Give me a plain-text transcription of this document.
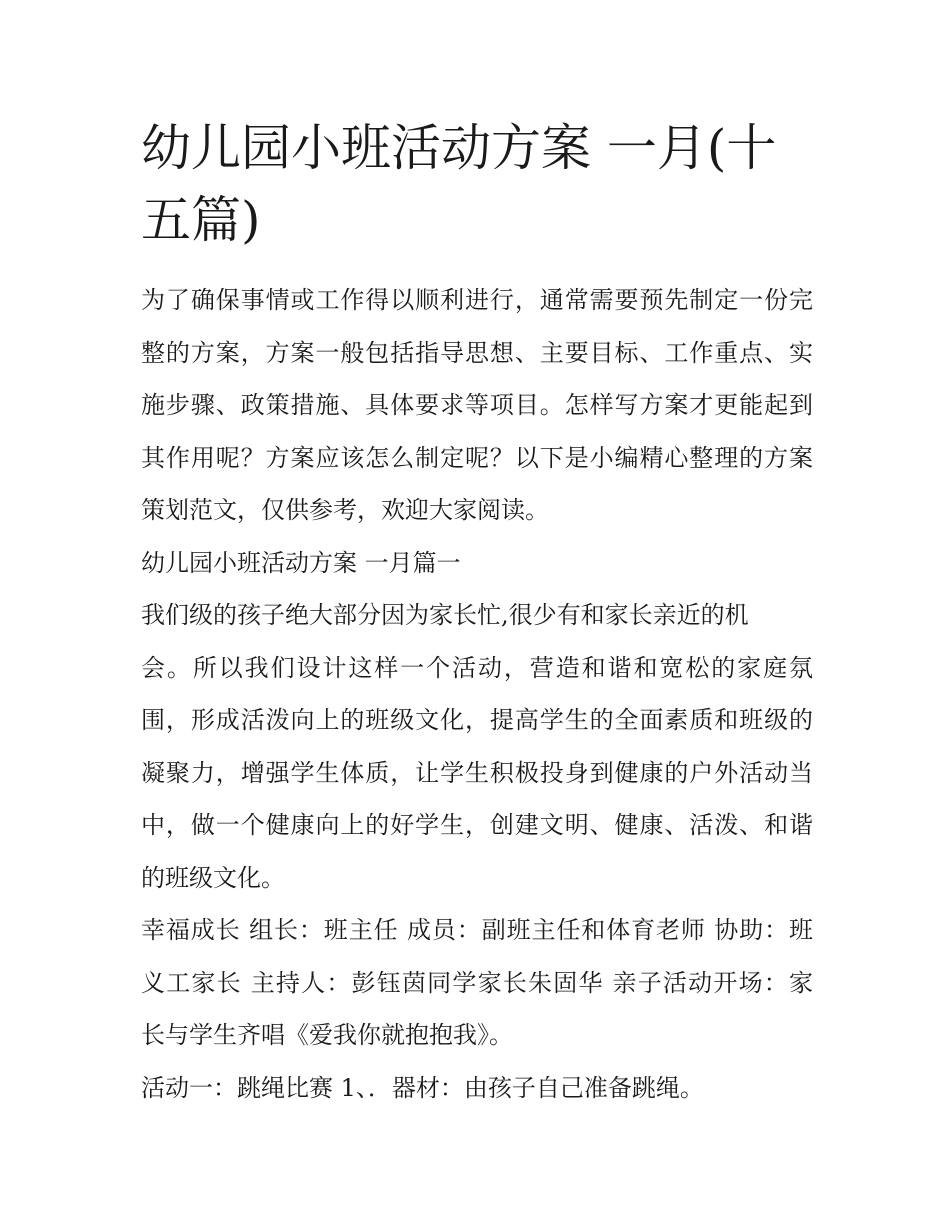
幼儿园小班活动方案 一月(十
五篇)

为了确保事情或工作得以顺利进行，通常需要预先制定一份完
整的方案，方案一般包括指导思想、主要目标、工作重点、实
施步骤、政策措施、具体要求等项目。怎样写方案才更能起到
其作用呢？方案应该怎么制定呢？以下是小编精心整理的方案
策划范文，仅供参考，欢迎大家阅读。

幼儿园小班活动方案 一月篇一

我们级的孩子绝大部分因为家长忙,很少有和家长亲近的机
会。所以我们设计这样一个活动，营造和谐和宽松的家庭氛
围，形成活泼向上的班级文化，提高学生的全面素质和班级的
凝聚力，增强学生体质，让学生积极投身到健康的户外活动当
中，做一个健康向上的好学生，创建文明、健康、活泼、和谐
的班级文化。

幸福成长 组长：班主任 成员：副班主任和体育老师 协助：班
义工家长 主持人：彭钰茵同学家长朱固华 亲子活动开场：家
长与学生齐唱《爱我你就抱抱我》。

活动一：跳绳比赛 1、．器材：由孩子自己准备跳绳。
